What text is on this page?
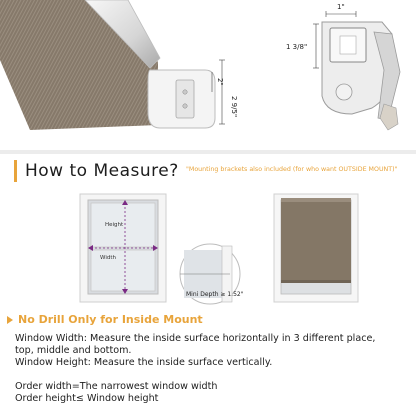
2 9/5"
2"
1"
1 3/8"
How to Measure? "Mounting brackets also included (for who want OUTSIDE MOUNT)"
Height
Width
Mini Depth ≥ 1.52"
No Drill Only for Inside Mount
Window Width: Measure the inside surface horizontally in 3 different place,
top, middle and bottom.
Window Height: Measure the inside surface vertically.
Order width=The narrowest window width
Order height≤ Window height
